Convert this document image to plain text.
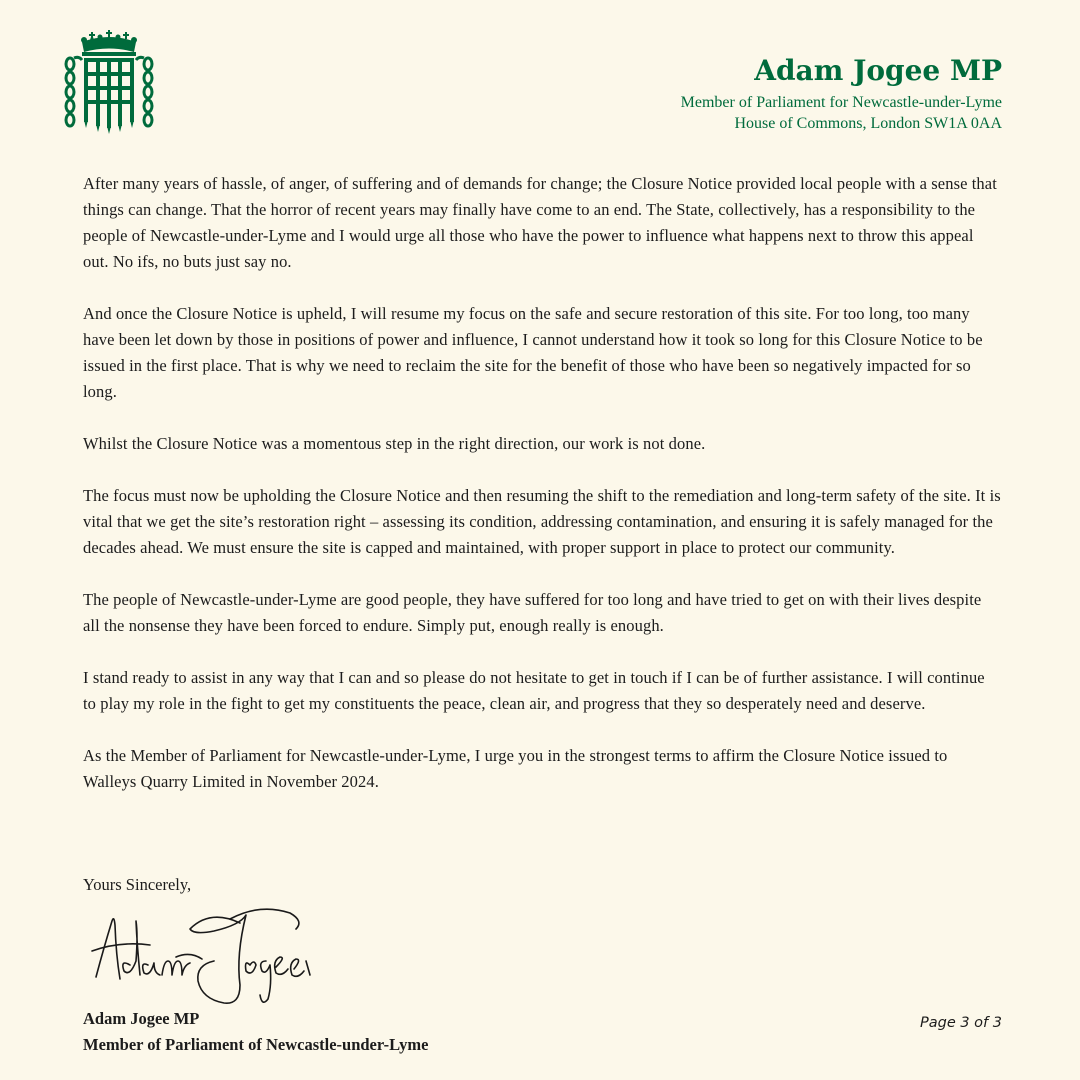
Adam Jogee MP
Member of Parliament for Newcastle-under-Lyme
House of Commons, London SW1A 0AA

After many years of hassle, of anger, of suffering and of demands for change; the Closure Notice provided local people with a sense that things can change. That the horror of recent years may finally have come to an end. The State, collectively, has a responsibility to the people of Newcastle-under-Lyme and I would urge all those who have the power to influence what happens next to throw this appeal out. No ifs, no buts just say no.

And once the Closure Notice is upheld, I will resume my focus on the safe and secure restoration of this site. For too long, too many have been let down by those in positions of power and influence, I cannot understand how it took so long for this Closure Notice to be issued in the first place. That is why we need to reclaim the site for the benefit of those who have been so negatively impacted for so long.

Whilst the Closure Notice was a momentous step in the right direction, our work is not done.

The focus must now be upholding the Closure Notice and then resuming the shift to the remediation and long-term safety of the site. It is vital that we get the site’s restoration right – assessing its condition, addressing contamination, and ensuring it is safely managed for the decades ahead. We must ensure the site is capped and maintained, with proper support in place to protect our community.

The people of Newcastle-under-Lyme are good people, they have suffered for too long and have tried to get on with their lives despite all the nonsense they have been forced to endure. Simply put, enough really is enough.

I stand ready to assist in any way that I can and so please do not hesitate to get in touch if I can be of further assistance. I will continue to play my role in the fight to get my constituents the peace, clean air, and progress that they so desperately need and deserve.

As the Member of Parliament for Newcastle-under-Lyme, I urge you in the strongest terms to affirm the Closure Notice issued to Walleys Quarry Limited in November 2024.

Yours Sincerely,
Adam Jogee MP
Member of Parliament of Newcastle-under-Lyme
Page 3 of 3
